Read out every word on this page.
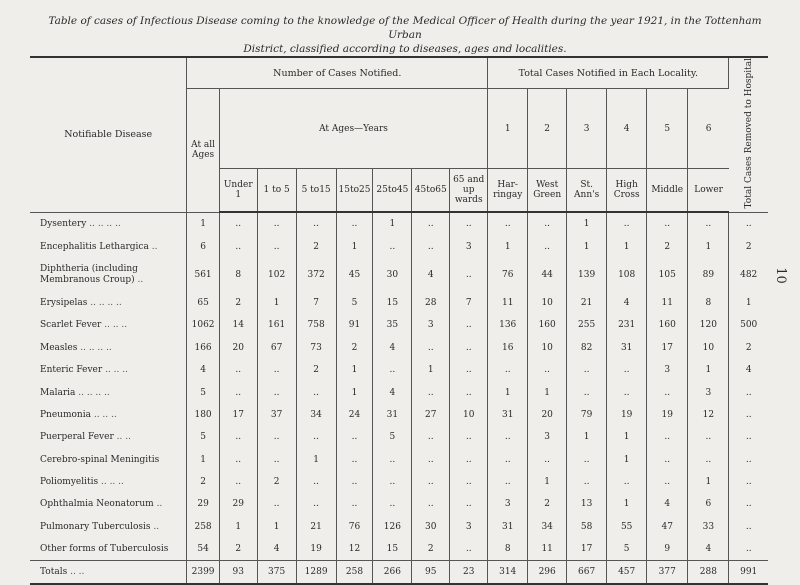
Table of cases of Infectious Disease coming to the knowledge of the Medical Officer of Health during the year 1921, in the Tottenham Urban
District, classified according to diseases, ages and localities.
10
Notifiable Disease	Number of Cases Notified.								Total Cases Notified in Each Locality.						Total Cases Removed to Hospital
	At all Ages	At Ages—Years							1	2	3	4	5	6	
		Under 1	1 to 5	5 to15	15to25	25to45	45to65	65 and up wards	Har- ringay	West Green	St. Ann's	High Cross	Middle	Lower	
Dysentery .. .. .. ..	1	..	..	..	..	1	..	..	..	..	1	..	..	..	..
Encephalitis Lethargica ..	6	..	..	2	1	..	..	3	1	..	1	1	2	1	2
Diphtheria (including Membranous Croup) ..	561	8	102	372	45	30	4	..	76	44	139	108	105	89	482
Erysipelas .. .. .. ..	65	2	1	7	5	15	28	7	11	10	21	4	11	8	1
Scarlet Fever .. .. ..	1062	14	161	758	91	35	3	..	136	160	255	231	160	120	500
Measles .. .. .. ..	166	20	67	73	2	4	..	..	16	10	82	31	17	10	2
Enteric Fever .. .. ..	4	..	..	2	1	..	1	..	..	..	..	..	3	1	4
Malaria .. .. .. ..	5	..	..	..	1	4	..	..	1	1	..	..	..	3	..
Pneumonia .. .. ..	180	17	37	34	24	31	27	10	31	20	79	19	19	12	..
Puerperal Fever .. ..	5	..	..	..	..	5	..	..	..	3	1	1	..	..	..
Cerebro-spinal Meningitis	1	..	..	1	..	..	..	..	..	..	..	1	..	..	..
Poliomyelitis .. .. ..	2	..	2	..	..	..	..	..	..	1	..	..	..	1	..
Ophthalmia Neonatorum ..	29	29	..	..	..	..	..	..	3	2	13	1	4	6	..
Pulmonary Tuberculosis ..	258	1	1	21	76	126	30	3	31	34	58	55	47	33	..
Other forms of Tuberculosis	54	2	4	19	12	15	2	..	8	11	17	5	9	4	..
Totals .. ..	2399	93	375	1289	258	266	95	23	314	296	667	457	377	288	991
